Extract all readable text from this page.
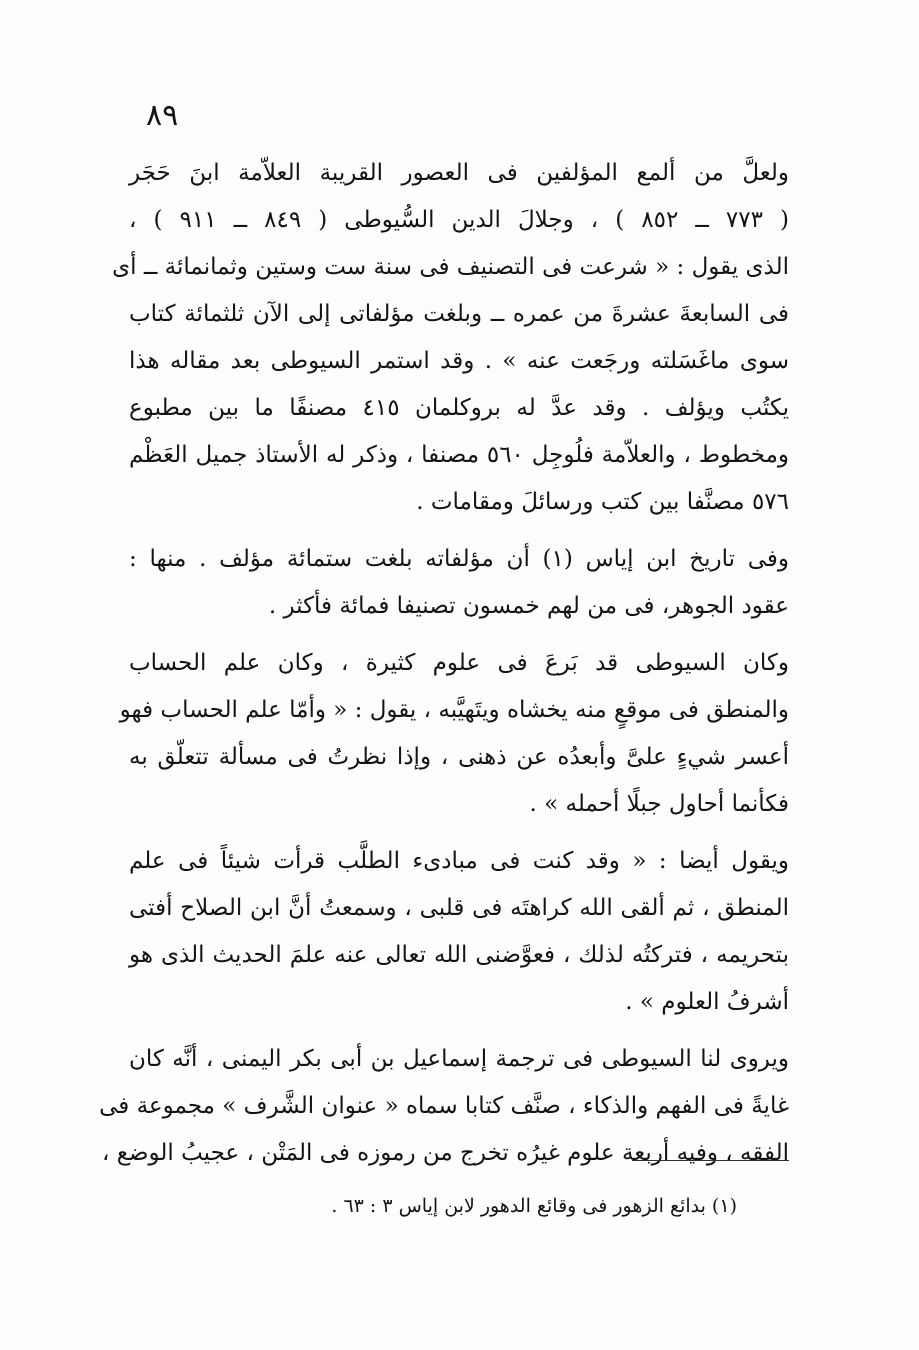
٨٩

ولعلَّ من ألمع المؤلفين فى العصور القريبة العلاّمة ابنَ حَجَر
( ٧٧٣ ــ ٨٥٢ ) ، وجلالَ الدين السُّيوطى ( ٨٤٩ ــ ٩١١ ) ،
الذى يقول : « شرعت فى التصنيف فى سنة ست وستين وثمانمائة ــ أى
فى السابعةَ عشرةَ من عمره ــ وبلغت مؤلفاتى إلى الآن ثلثمائة كتاب
سوى ماغَسَلته ورجَعت عنه » . وقد استمر السيوطى بعد مقاله هذا
يكتُب ويؤلف . وقد عدَّ له بروكلمان ٤١٥ مصنفًا ما بين مطبوع
ومخطوط ، والعلاّمة فلُوجِل ٥٦٠ مصنفا ، وذكر له الأستاذ جميل العَظْم
٥٧٦ مصنَّفا بين كتب ورسائلَ ومقامات .

وفى تاريخ ابن إياس (١) أن مؤلفاته بلغت ستمائة مؤلف . منها :
عقود الجوهر، فى من لهم خمسون تصنيفا فمائة فأكثر .

وكان السيوطى قد بَرعَ فى علوم كثيرة ، وكان علم الحساب
والمنطق فى موقعٍ منه يخشاه ويتَهيَّبه ، يقول : « وأمّا علم الحساب فهو
أعسر شيءٍ علىَّ وأبعدُه عن ذهنى ، وإذا نظرتُ فى مسألة تتعلّق به
فكأنما أحاول جبلًا أحمله » .

ويقول أيضا : « وقد كنت فى مبادىء الطلَّب قرأت شيئاً فى علم
المنطق ، ثم ألقى الله كراهتَه فى قلبى ، وسمعتُ أنَّ ابن الصلاح أفتى
بتحريمه ، فتركتُه لذلك ، فعوَّضنى الله تعالى عنه علمَ الحديث الذى هو
أشرفُ العلوم » .

ويروى لنا السيوطى فى ترجمة إسماعيل بن أبى بكر اليمنى ، أنَّه كان
غايةً فى الفهم والذكاء ، صنَّف كتابا سماه « عنوان الشَّرف » مجموعة فى
الفقه ، وفيه أربعة علوم غيرُه تخرج من رموزه فى المَتْن ، عجيبُ الوضع ،

(١) بدائع الزهور فى وقائع الدهور لابن إياس ٣ : ٦٣ .
